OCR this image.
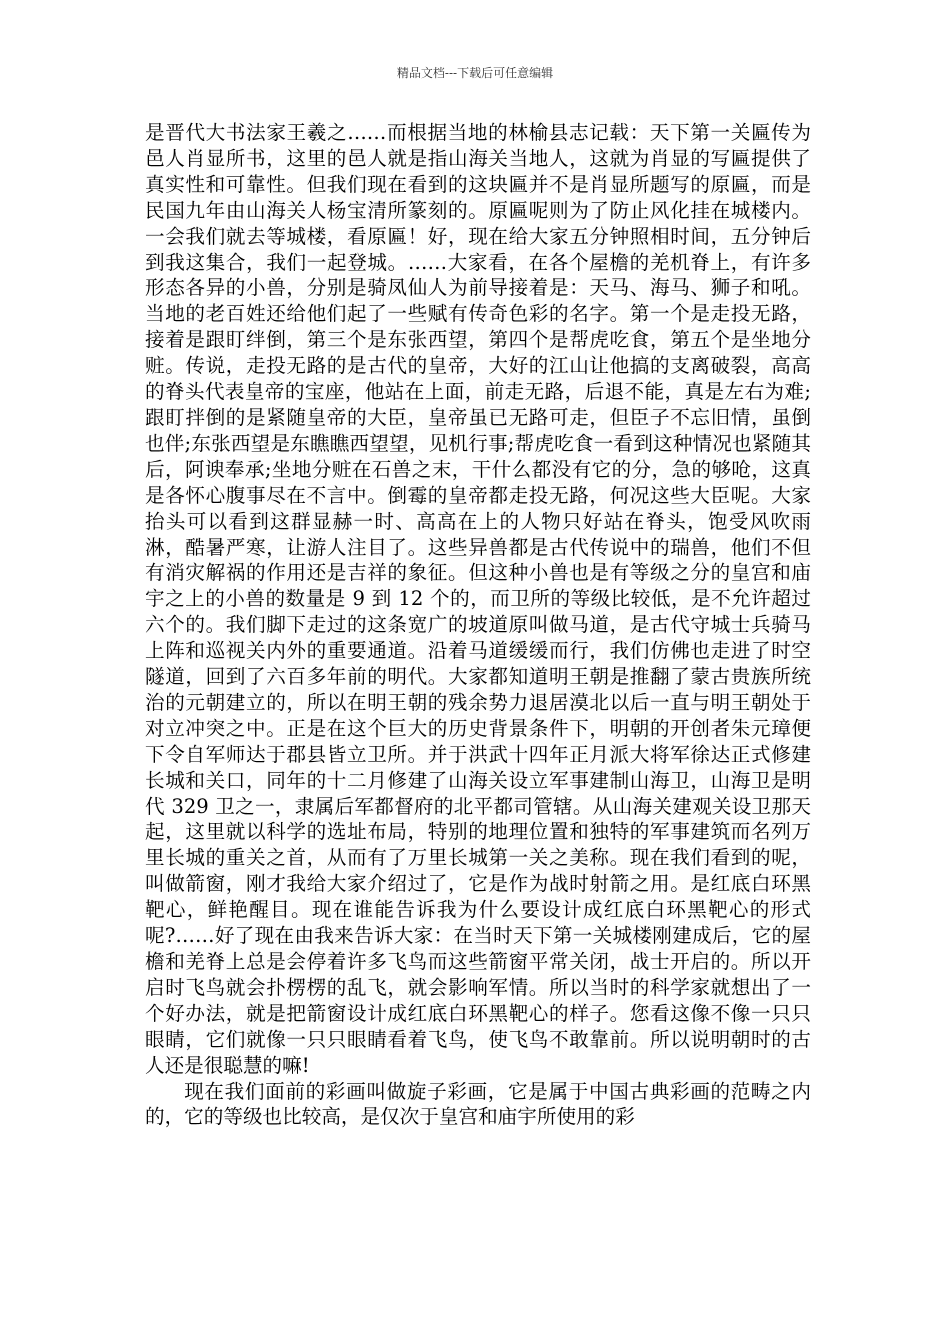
精品文档---下载后可任意编辑

是晋代大书法家王羲之……而根据当地的林榆县志记载：天下第一关匾传为邑人肖显所书，这里的邑人就是指山海关当地人，这就为肖显的写匾提供了真实性和可靠性。但我们现在看到的这块匾并不是肖显所题写的原匾，而是民国九年由山海关人杨宝清所篆刻的。原匾呢则为了防止风化挂在城楼内。一会我们就去等城楼，看原匾！好，现在给大家五分钟照相时间，五分钟后到我这集合，我们一起登城。……大家看，在各个屋檐的羌机脊上，有许多形态各异的小兽，分别是骑凤仙人为前导接着是：天马、海马、狮子和吼。当地的老百姓还给他们起了一些赋有传奇色彩的名字。第一个是走投无路，接着是跟盯绊倒，第三个是东张西望，第四个是帮虎吃食，第五个是坐地分赃。传说，走投无路的是古代的皇帝，大好的江山让他搞的支离破裂，高高的脊头代表皇帝的宝座，他站在上面，前走无路，后退不能，真是左右为难;跟盯拌倒的是紧随皇帝的大臣，皇帝虽已无路可走，但臣子不忘旧情，虽倒也伴;东张西望是东瞧瞧西望望，见机行事;帮虎吃食一看到这种情况也紧随其后，阿谀奉承;坐地分赃在石兽之末，干什么都没有它的分，急的够呛，这真是各怀心腹事尽在不言中。倒霉的皇帝都走投无路，何况这些大臣呢。大家抬头可以看到这群显赫一时、高高在上的人物只好站在脊头，饱受风吹雨淋，酷暑严寒，让游人注目了。这些异兽都是古代传说中的瑞兽，他们不但有消灾解祸的作用还是吉祥的象征。但这种小兽也是有等级之分的皇宫和庙宇之上的小兽的数量是 9 到 12 个的，而卫所的等级比较低，是不允许超过六个的。我们脚下走过的这条宽广的坡道原叫做马道，是古代守城士兵骑马上阵和巡视关内外的重要通道。沿着马道缓缓而行，我们仿佛也走进了时空隧道，回到了六百多年前的明代。大家都知道明王朝是推翻了蒙古贵族所统治的元朝建立的，所以在明王朝的残余势力退居漠北以后一直与明王朝处于对立冲突之中。正是在这个巨大的历史背景条件下，明朝的开创者朱元璋便下令自军师达于郡县皆立卫所。并于洪武十四年正月派大将军徐达正式修建长城和关口，同年的十二月修建了山海关设立军事建制山海卫，山海卫是明代 329 卫之一，隶属后军都督府的北平都司管辖。从山海关建观关设卫那天起，这里就以科学的选址布局，特别的地理位置和独特的军事建筑而名列万里长城的重关之首，从而有了万里长城第一关之美称。现在我们看到的呢，叫做箭窗，刚才我给大家介绍过了，它是作为战时射箭之用。是红底白环黑靶心，鲜艳醒目。现在谁能告诉我为什么要设计成红底白环黑靶心的形式呢?……好了现在由我来告诉大家：在当时天下第一关城楼刚建成后，它的屋檐和羌脊上总是会停着许多飞鸟而这些箭窗平常关闭，战士开启的。所以开启时飞鸟就会扑楞楞的乱飞，就会影响军情。所以当时的科学家就想出了一个好办法，就是把箭窗设计成红底白环黑靶心的样子。您看这像不像一只只眼睛，它们就像一只只眼睛看着飞鸟，使飞鸟不敢靠前。所以说明朝时的古人还是很聪慧的嘛!

现在我们面前的彩画叫做旋子彩画，它是属于中国古典彩画的范畴之内的，它的等级也比较高，是仅次于皇宫和庙宇所使用的彩
